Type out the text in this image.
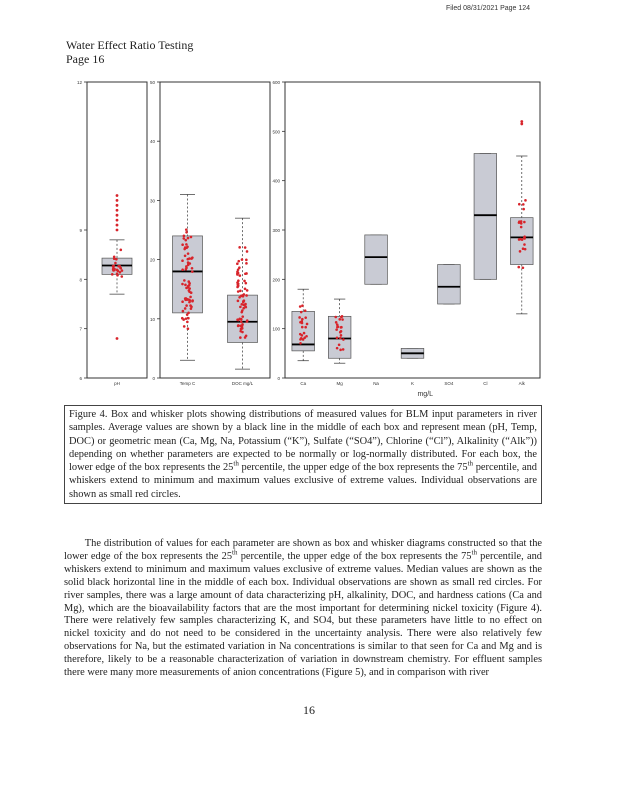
Filed 08/31/2021 Page 124
Water Effect Ratio Testing
Page 16
6
7
8
9
12
pH
0
10
20
30
40
50
Temp C	DOC mg/L
0
100
200
300
400
500
600
Ca	Mg	Na	K	SO4	Cl	Alk
mg/L
Figure 4. Box and whisker plots showing distributions of measured values for BLM input parameters in river samples. Average values are shown by a black line in the middle of each box and represent mean (pH, Temp, DOC) or geometric mean (Ca, Mg, Na, Potassium (“K”), Sulfate (“SO4”), Chlorine (“Cl”), Alkalinity (“Alk”)) depending on whether parameters are expected to be normally or log-normally distributed. For each box, the lower edge of the box represents the 25th percentile, the upper edge of the box represents the 75th percentile, and whiskers extend to minimum and maximum values exclusive of extreme values. Individual observations are shown as small red circles.

  The distribution of values for each parameter are shown as box and whisker diagrams constructed so that the lower edge of the box represents the 25th percentile, the upper edge of the box represents the 75th percentile, and whiskers extend to minimum and maximum values exclusive of extreme values. Median values are shown as the solid black horizontal line in the middle of each box. Individual observations are shown as small red circles. For river samples, there was a large amount of data characterizing pH, alkalinity, DOC, and hardness cations (Ca and Mg), which are the bioavailability factors that are the most important for determining nickel toxicity (Figure 4). There were relatively few samples characterizing K, and SO4, but these parameters have little to no effect on nickel toxicity and do not need to be considered in the uncertainty analysis. There were also relatively few observations for Na, but the estimated variation in Na concentrations is similar to that seen for Ca and Mg and is therefore, likely to be a reasonable characterization of variation in downstream chemistry. For effluent samples there were many more measurements of anion concentrations (Figure 5), and in comparison with river

16
